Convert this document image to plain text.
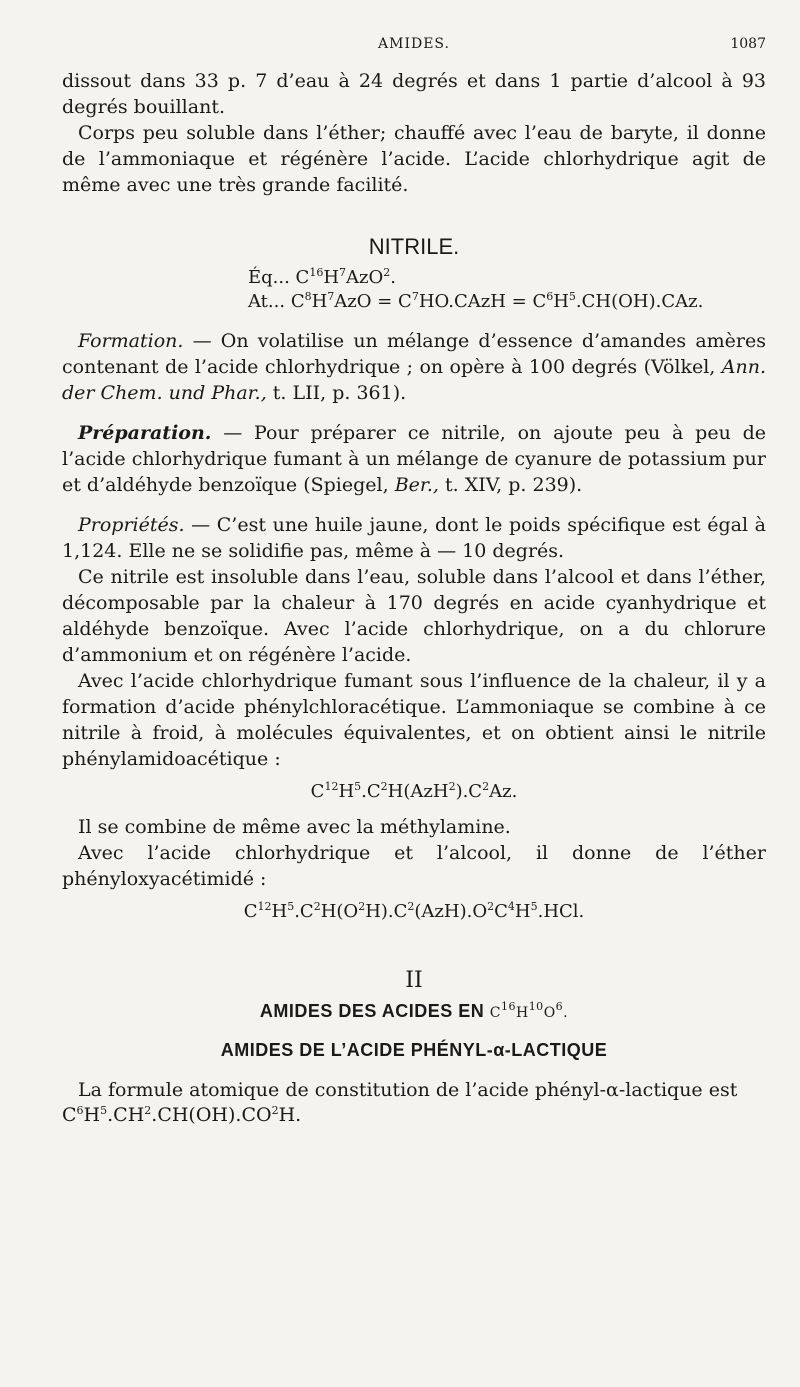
AMIDES.	1087

dissout dans 33 p. 7 d’eau à 24 degrés et dans 1 partie d’alcool à 93 degrés bouillant.

Corps peu soluble dans l’éther; chauffé avec l’eau de baryte, il donne de l’ammoniaque et régénère l’acide. L’acide chlorhydrique agit de même avec une très grande facilité.

NITRILE.
Éq... $C^{16}H^7AzO^2$.
At... $C^8H^7AzO$ = $C^7HO.CAzH = C^6H^5.CH(OH).CAz$.

Formation. — On volatilise un mélange d’essence d’amandes amères contenant de l’acide chlorhydrique ; on opère à 100 degrés (Völkel, Ann. der Chem. und Phar., t. LII, p. 361).

Préparation. — Pour préparer ce nitrile, on ajoute peu à peu de l’acide chlorhydrique fumant à un mélange de cyanure de potassium pur et d’aldéhyde benzoïque (Spiegel, Ber., t. XIV, p. 239).

Propriétés. — C’est une huile jaune, dont le poids spécifique est égal à 1,124. Elle ne se solidifie pas, même à — 10 degrés.

Ce nitrile est insoluble dans l’eau, soluble dans l’alcool et dans l’éther, décomposable par la chaleur à 170 degrés en acide cyanhydrique et aldéhyde benzoïque. Avec l’acide chlorhydrique, on a du chlorure d’ammonium et on régénère l’acide.

Avec l’acide chlorhydrique fumant sous l’influence de la chaleur, il y a formation d’acide phénylchloracétique. L’ammoniaque se combine à ce nitrile à froid, à molécules équivalentes, et on obtient ainsi le nitrile phénylamidoacétique :

$C^{12}H^5.C^2H(AzH^2).C^2Az$.

Il se combine de même avec la méthylamine.

Avec l’acide chlorhydrique et l’alcool, il donne de l’éther phényloxyacétimidé :

$C^{12}H^5.C^2H(O^2H).C^2(AzH).O^2C^4H^5.HCl$.
II
AMIDES DES ACIDES EN $C^{16}H^{10}O^6$.
AMIDES DE L’ACIDE PHÉNYL-α-LACTIQUE

La formule atomique de constitution de l’acide phényl-α-lactique est

$C^6H^5.CH^2.CH(OH).CO^2H$.
